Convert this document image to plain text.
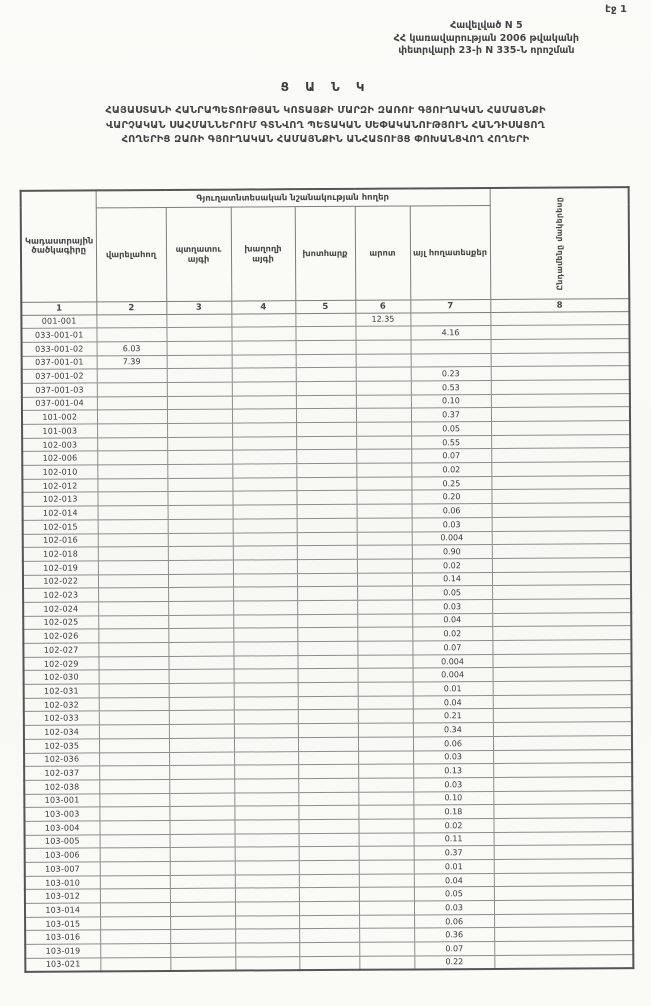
էջ 1
Հավելված N 5
ՀՀ կառավարության 2006 թվականի
փետրվարի 23-ի N 335-Ն որոշման
Ց Ա Ն Կ
ՀԱՅԱՍՏԱՆԻ ՀԱՆՐԱՊԵՏՈՒԹՅԱՆ ԿՈՏԱՅՔԻ ՄԱՐԶԻ ԶԱՌՈՒ ԳՅՈՒՂԱԿԱՆ ՀԱՄԱՅՆՔԻ
ՎԱՐՉԱԿԱՆ ՍԱՀՄԱՆՆԵՐՈՒՄ ԳՏՆՎՈՂ ՊԵՏԱԿԱՆ ՍԵՓԱԿԱՆՈՒԹՅՈՒՆ ՀԱՆԴԻՍԱՑՈՂ
ՀՈՂԵՐԻՑ ԶԱՌԻ ԳՅՈՒՂԱԿԱՆ ՀԱՄԱՅՆՔԻՆ ԱՆՀԱՏՈՒՅՑ ՓՈԽԱՆՑՎՈՂ ՀՈՂԵՐԻ
Կադաստրային ծածկագիրը	Գյուղատնտեսական նշանակության հողեր						Ընդամենը մակերեսը

	վարելահող	պտղատու այգի	խաղողի այգի	խոտհարք	արոտ	այլ հողատեսքեր	
1	2	3	4	5	6	7	8
001-001					12.35		
033-001-01						4.16	
033-001-02	6.03						
037-001-01	7.39						
037-001-02						0.23	
037-001-03						0.53	
037-001-04						0.10	
101-002						0.37	
101-003						0.05	
102-003						0.55	
102-006						0.07	
102-010						0.02	
102-012						0.25	
102-013						0.20	
102-014						0.06	
102-015						0.03	
102-016						0.004	
102-018						0.90	
102-019						0.02	
102-022						0.14	
102-023						0.05	
102-024						0.03	
102-025						0.04	
102-026						0.02	
102-027						0.07	
102-029						0.004	
102-030						0.004	
102-031						0.01	
102-032						0.04	
102-033						0.21	
102-034						0.34	
102-035						0.06	
102-036						0.03	
102-037						0.13	
102-038						0.03	
103-001						0.10	
103-003						0.18	
103-004						0.02	
103-005						0.11	
103-006						0.37	
103-007						0.01	
103-010						0.04	
103-012						0.05	
103-014						0.03	
103-015						0.06	
103-016						0.36	
103-019						0.07	
103-021						0.22	
